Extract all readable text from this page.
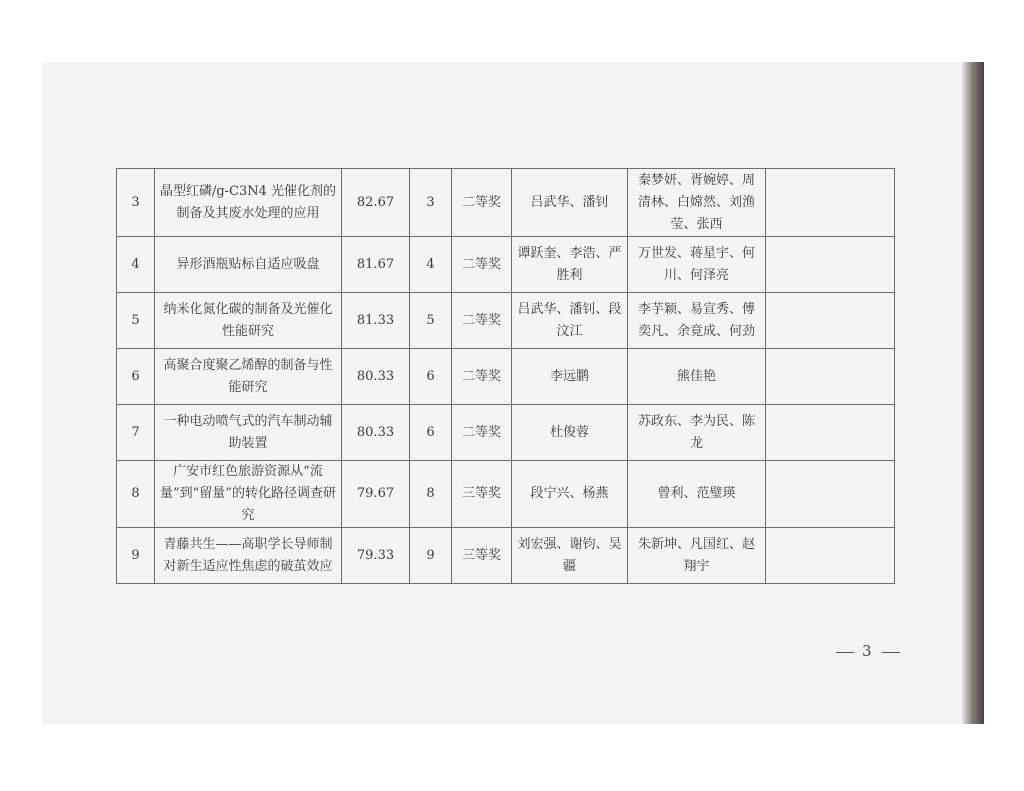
3	晶型红磷/g-C3N4 光催化剂的制备及其废水处理的应用	82.67	3	二等奖	吕武华、潘钊	秦梦妍、胥婉婷、周清林、白嫦然、刘渔莹、张西	
4	异形酒瓶贴标自适应吸盘	81.67	4	二等奖	谭跃奎、李浩、严胜利	万世发、蒋星宇、何川、何泽亮	
5	纳米化氮化碳的制备及光催化性能研究	81.33	5	二等奖	吕武华、潘钊、段汶江	李芋颖、易宣秀、傅奕凡、余竟成、何劲	
6	高聚合度聚乙烯醇的制备与性能研究	80.33	6	二等奖	李远鹏	熊佳艳	
7	一种电动喷气式的汽车制动辅助装置	80.33	6	二等奖	杜俊蓉	苏政东、李为民、陈龙	
8	广安市红色旅游资源从“流量”到“留量”的转化路径调查研究	79.67	8	三等奖	段宁兴、杨燕	曾利、范璧瑛	
9	青藤共生——高职学长导师制对新生适应性焦虑的破茧效应	79.33	9	三等奖	刘宏强、谢钧、吴疆	朱新坤、凡国红、赵翔宇	
3
